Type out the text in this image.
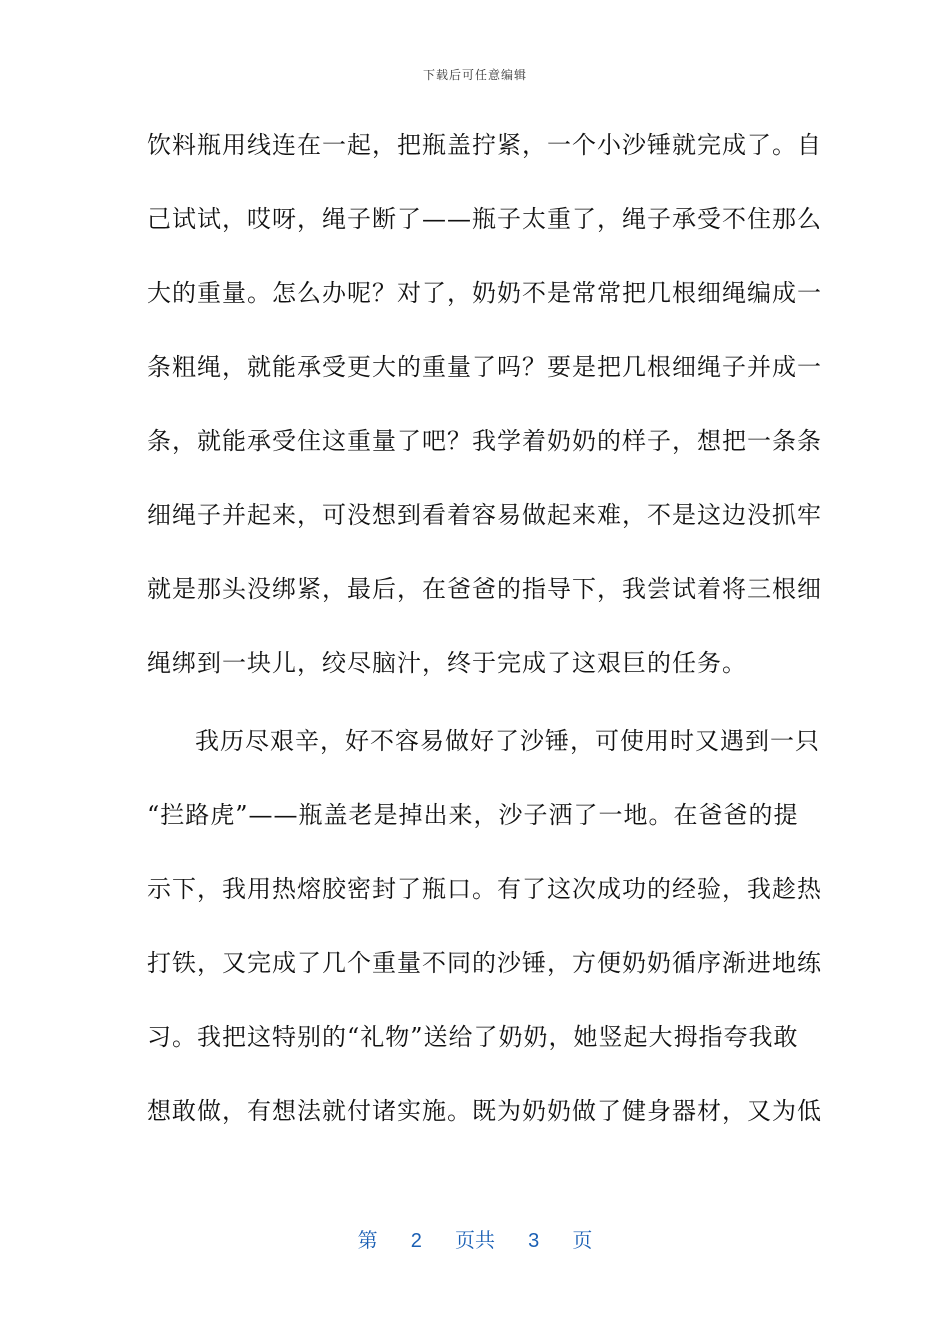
下载后可任意编辑
饮料瓶用线连在一起，把瓶盖拧紧，一个小沙锤就完成了。自
己试试，哎呀，绳子断了——瓶子太重了，绳子承受不住那么
大的重量。怎么办呢？对了，奶奶不是常常把几根细绳编成一
条粗绳，就能承受更大的重量了吗？要是把几根细绳子并成一
条，就能承受住这重量了吧？我学着奶奶的样子，想把一条条
细绳子并起来，可没想到看着容易做起来难，不是这边没抓牢
就是那头没绑紧，最后，在爸爸的指导下，我尝试着将三根细
绳绑到一块儿，绞尽脑汁，终于完成了这艰巨的任务。
我历尽艰辛，好不容易做好了沙锤，可使用时又遇到一只
“拦路虎”——瓶盖老是掉出来，沙子洒了一地。在爸爸的提
示下，我用热熔胶密封了瓶口。有了这次成功的经验，我趁热
打铁，又完成了几个重量不同的沙锤，方便奶奶循序渐进地练
习。我把这特别的“礼物”送给了奶奶，她竖起大拇指夸我敢
想敢做，有想法就付诸实施。既为奶奶做了健身器材，又为低
第 2 页共 3 页
